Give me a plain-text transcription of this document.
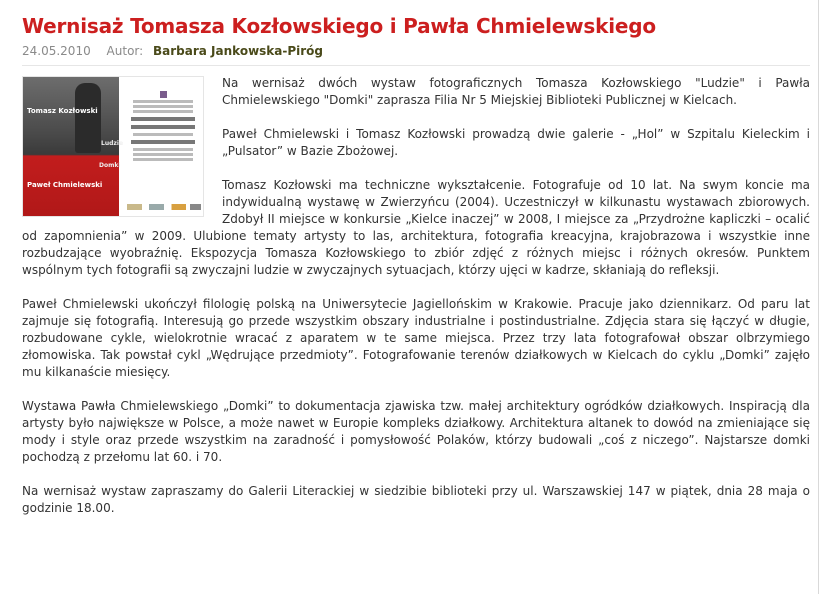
Wernisaż Tomasza Kozłowskiego i Pawła Chmielewskiego
24.05.2010 Autor: Barbara Jankowska-Piróg
Tomasz Kozłowski
Ludzie
Domki
Paweł Chmielewski

Na wernisaż dwóch wystaw fotograficznych Tomasza Kozłowskiego "Ludzie" i Pawła Chmielewskiego "Domki" zaprasza Filia Nr 5 Miejskiej Biblioteki Publicznej w Kielcach.

Paweł Chmielewski i Tomasz Kozłowski prowadzą dwie galerie - „Hol” w Szpitalu Kieleckim i „Pulsator” w Bazie Zbożowej.

Tomasz Kozłowski ma techniczne wykształcenie. Fotografuje od 10 lat. Na swym koncie ma indywidualną wystawę w Zwierzyńcu (2004). Uczestniczył w kilkunastu wystawach zbiorowych. Zdobył II miejsce w konkursie „Kielce inaczej” w 2008, I miejsce za „Przydrożne kapliczki – ocalić od zapomnienia” w 2009. Ulubione tematy artysty to las, architektura, fotografia kreacyjna, krajobrazowa i wszystkie inne rozbudzające wyobraźnię. Ekspozycja Tomasza Kozłowskiego to zbiór zdjęć z różnych miejsc i różnych okresów. Punktem wspólnym tych fotografii są zwyczajni ludzie w zwyczajnych sytuacjach, którzy ujęci w kadrze, skłaniają do refleksji.

Paweł Chmielewski ukończył filologię polską na Uniwersytecie Jagiellońskim w Krakowie. Pracuje jako dziennikarz. Od paru lat zajmuje się fotografią. Interesują go przede wszystkim obszary industrialne i postindustrialne. Zdjęcia stara się łączyć w długie, rozbudowane cykle, wielokrotnie wracać z aparatem w te same miejsca. Przez trzy lata fotografował obszar olbrzymiego złomowiska. Tak powstał cykl „Wędrujące przedmioty”. Fotografowanie terenów działkowych w Kielcach do cyklu „Domki” zajęło mu kilkanaście miesięcy.

Wystawa Pawła Chmielewskiego „Domki” to dokumentacja zjawiska tzw. małej architektury ogródków działkowych. Inspiracją dla artysty było największe w Polsce, a może nawet w Europie kompleks działkowy. Architektura altanek to dowód na zmieniające się mody i style oraz przede wszystkim na zaradność i pomysłowość Polaków, którzy budowali „coś z niczego”. Najstarsze domki pochodzą z przełomu lat 60. i 70.

Na wernisaż wystaw zapraszamy do Galerii Literackiej w siedzibie biblioteki przy ul. Warszawskiej 147 w piątek, dnia 28 maja o godzinie 18.00.
